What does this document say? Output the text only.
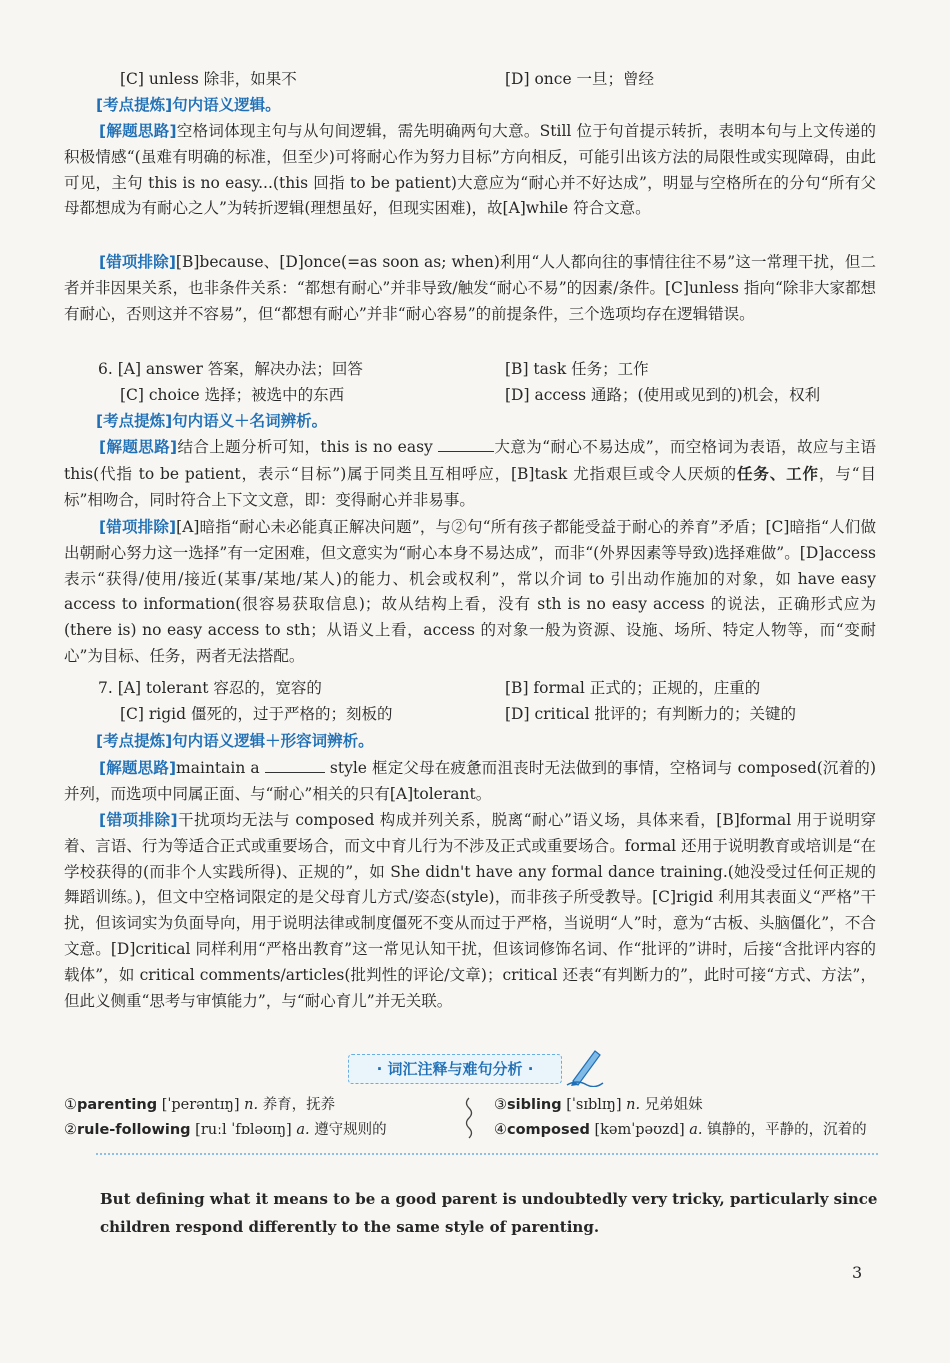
[C] unless 除非，如果不	[D] once 一旦；曾经

[考点提炼]句内语义逻辑。

[解题思路]空格词体现主句与从句间逻辑，需先明确两句大意。Still 位于句首提示转折，表明本句与上文传递的积极情感“(虽难有明确的标准，但至少)可将耐心作为努力目标”方向相反，可能引出该方法的局限性或实现障碍，由此可见，主句 this is no easy...(this 回指 to be patient)大意应为“耐心并不好达成”，明显与空格所在的分句“所有父母都想成为有耐心之人”为转折逻辑(理想虽好，但现实困难)，故[A]while 符合文意。

[错项排除][B]because、[D]once(=as soon as; when)利用“人人都向往的事情往往不易”这一常理干扰，但二者并非因果关系，也非条件关系：“都想有耐心”并非导致/触发“耐心不易”的因素/条件。[C]unless 指向“除非大家都想有耐心，否则这并不容易”，但“都想有耐心”并非“耐心容易”的前提条件，三个选项均存在逻辑错误。

6. [A] answer 答案，解决办法；回答	[B] task 任务；工作
[C] choice 选择；被选中的东西	[D] access 通路；(使用或见到的)机会，权利

[考点提炼]句内语义＋名词辨析。

[解题思路]结合上题分析可知，this is no easy	大意为“耐心不易达成”，而空格词为表语，故应与主语 this(代指 to be patient，表示“目标”)属于同类且互相呼应，[B]task 尤指艰巨或令人厌烦的任务、工作，与“目标”相吻合，同时符合上下文文意，即：变得耐心并非易事。

[错项排除][A]暗指“耐心未必能真正解决问题”，与②句“所有孩子都能受益于耐心的养育”矛盾；[C]暗指“人们做出朝耐心努力这一选择”有一定困难，但文意实为“耐心本身不易达成”，而非“(外界因素等导致)选择难做”。[D]access 表示“获得/使用/接近(某事/某地/某人)的能力、机会或权利”，常以介词 to 引出动作施加的对象，如 have easy access to information(很容易获取信息)；故从结构上看，没有 sth is no easy access 的说法，正确形式应为(there is) no easy access to sth；从语义上看，access 的对象一般为资源、设施、场所、特定人物等，而“变耐心”为目标、任务，两者无法搭配。

7. [A] tolerant 容忍的，宽容的	[B] formal 正式的；正规的，庄重的
[C] rigid 僵死的，过于严格的；刻板的	[D] critical 批评的；有判断力的；关键的

[考点提炼]句内语义逻辑＋形容词辨析。

[解题思路]maintain a	style 框定父母在疲惫而沮丧时无法做到的事情，空格词与 composed(沉着的)并列，而选项中同属正面、与“耐心”相关的只有[A]tolerant。

[错项排除]干扰项均无法与 composed 构成并列关系，脱离“耐心”语义场，具体来看，[B]formal 用于说明穿着、言语、行为等适合正式或重要场合，而文中育儿行为不涉及正式或重要场合。formal 还用于说明教育或培训是“在学校获得的(而非个人实践所得)、正规的”，如 She didn't have any formal dance training.(她没受过任何正规的舞蹈训练。)，但文中空格词限定的是父母育儿方式/姿态(style)，而非孩子所受教导。[C]rigid 利用其表面义“严格”干扰，但该词实为负面导向，用于说明法律或制度僵死不变从而过于严格，当说明“人”时，意为“古板、头脑僵化”，不合文意。[D]critical 同样利用“严格出教育”这一常见认知干扰，但该词修饰名词、作“批评的”讲时，后接“含批评内容的载体”，如 critical comments/articles(批判性的评论/文章)；critical 还表“有判断力的”，此时可接“方式、方法”，但此义侧重“思考与审慎能力”，与“耐心育儿”并无关联。

· 词汇注释与难句分析 ·
①parenting [ˈperəntɪŋ] n. 养育，抚养
②rule-following [ruːl ˈfɒləʊɪŋ] a. 遵守规则的
③sibling [ˈsɪblɪŋ] n. 兄弟姐妹
④composed [kəmˈpəʊzd] a. 镇静的，平静的，沉着的

But defining what it means to be a good parent is undoubtedly very tricky, particularly since children respond differently to the same style of parenting.

3
